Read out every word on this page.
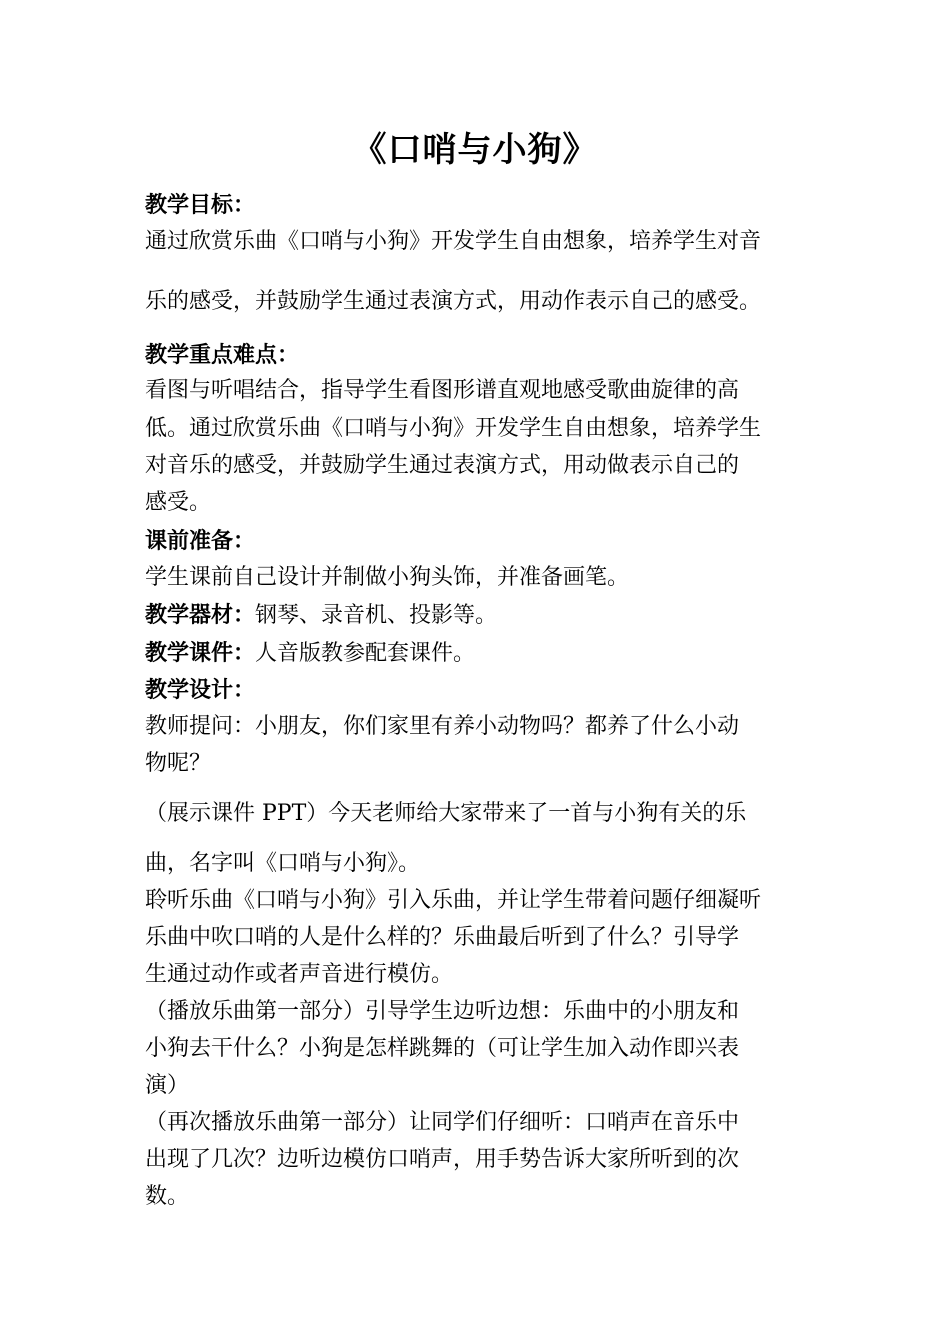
《口哨与小狗》
教学目标：
通过欣赏乐曲《口哨与小狗》开发学生自由想象，培养学生对音
乐的感受，并鼓励学生通过表演方式，用动作表示自己的感受。
教学重点难点：
看图与听唱结合，指导学生看图形谱直观地感受歌曲旋律的高
低。通过欣赏乐曲《口哨与小狗》开发学生自由想象，培养学生
对音乐的感受，并鼓励学生通过表演方式，用动做表示自己的
感受。
课前准备：
学生课前自己设计并制做小狗头饰，并准备画笔。
教学器材：钢琴、录音机、投影等。
教学课件：人音版教参配套课件。
教学设计：
教师提问：小朋友，你们家里有养小动物吗？都养了什么小动
物呢？
（展示课件 PPT）今天老师给大家带来了一首与小狗有关的乐
曲，名字叫《口哨与小狗》。
聆听乐曲《口哨与小狗》引入乐曲，并让学生带着问题仔细凝听
乐曲中吹口哨的人是什么样的？乐曲最后听到了什么？引导学
生通过动作或者声音进行模仿。
（播放乐曲第一部分）引导学生边听边想：乐曲中的小朋友和
小狗去干什么？小狗是怎样跳舞的（可让学生加入动作即兴表
演）
（再次播放乐曲第一部分）让同学们仔细听：口哨声在音乐中
出现了几次？边听边模仿口哨声，用手势告诉大家所听到的次
数。
